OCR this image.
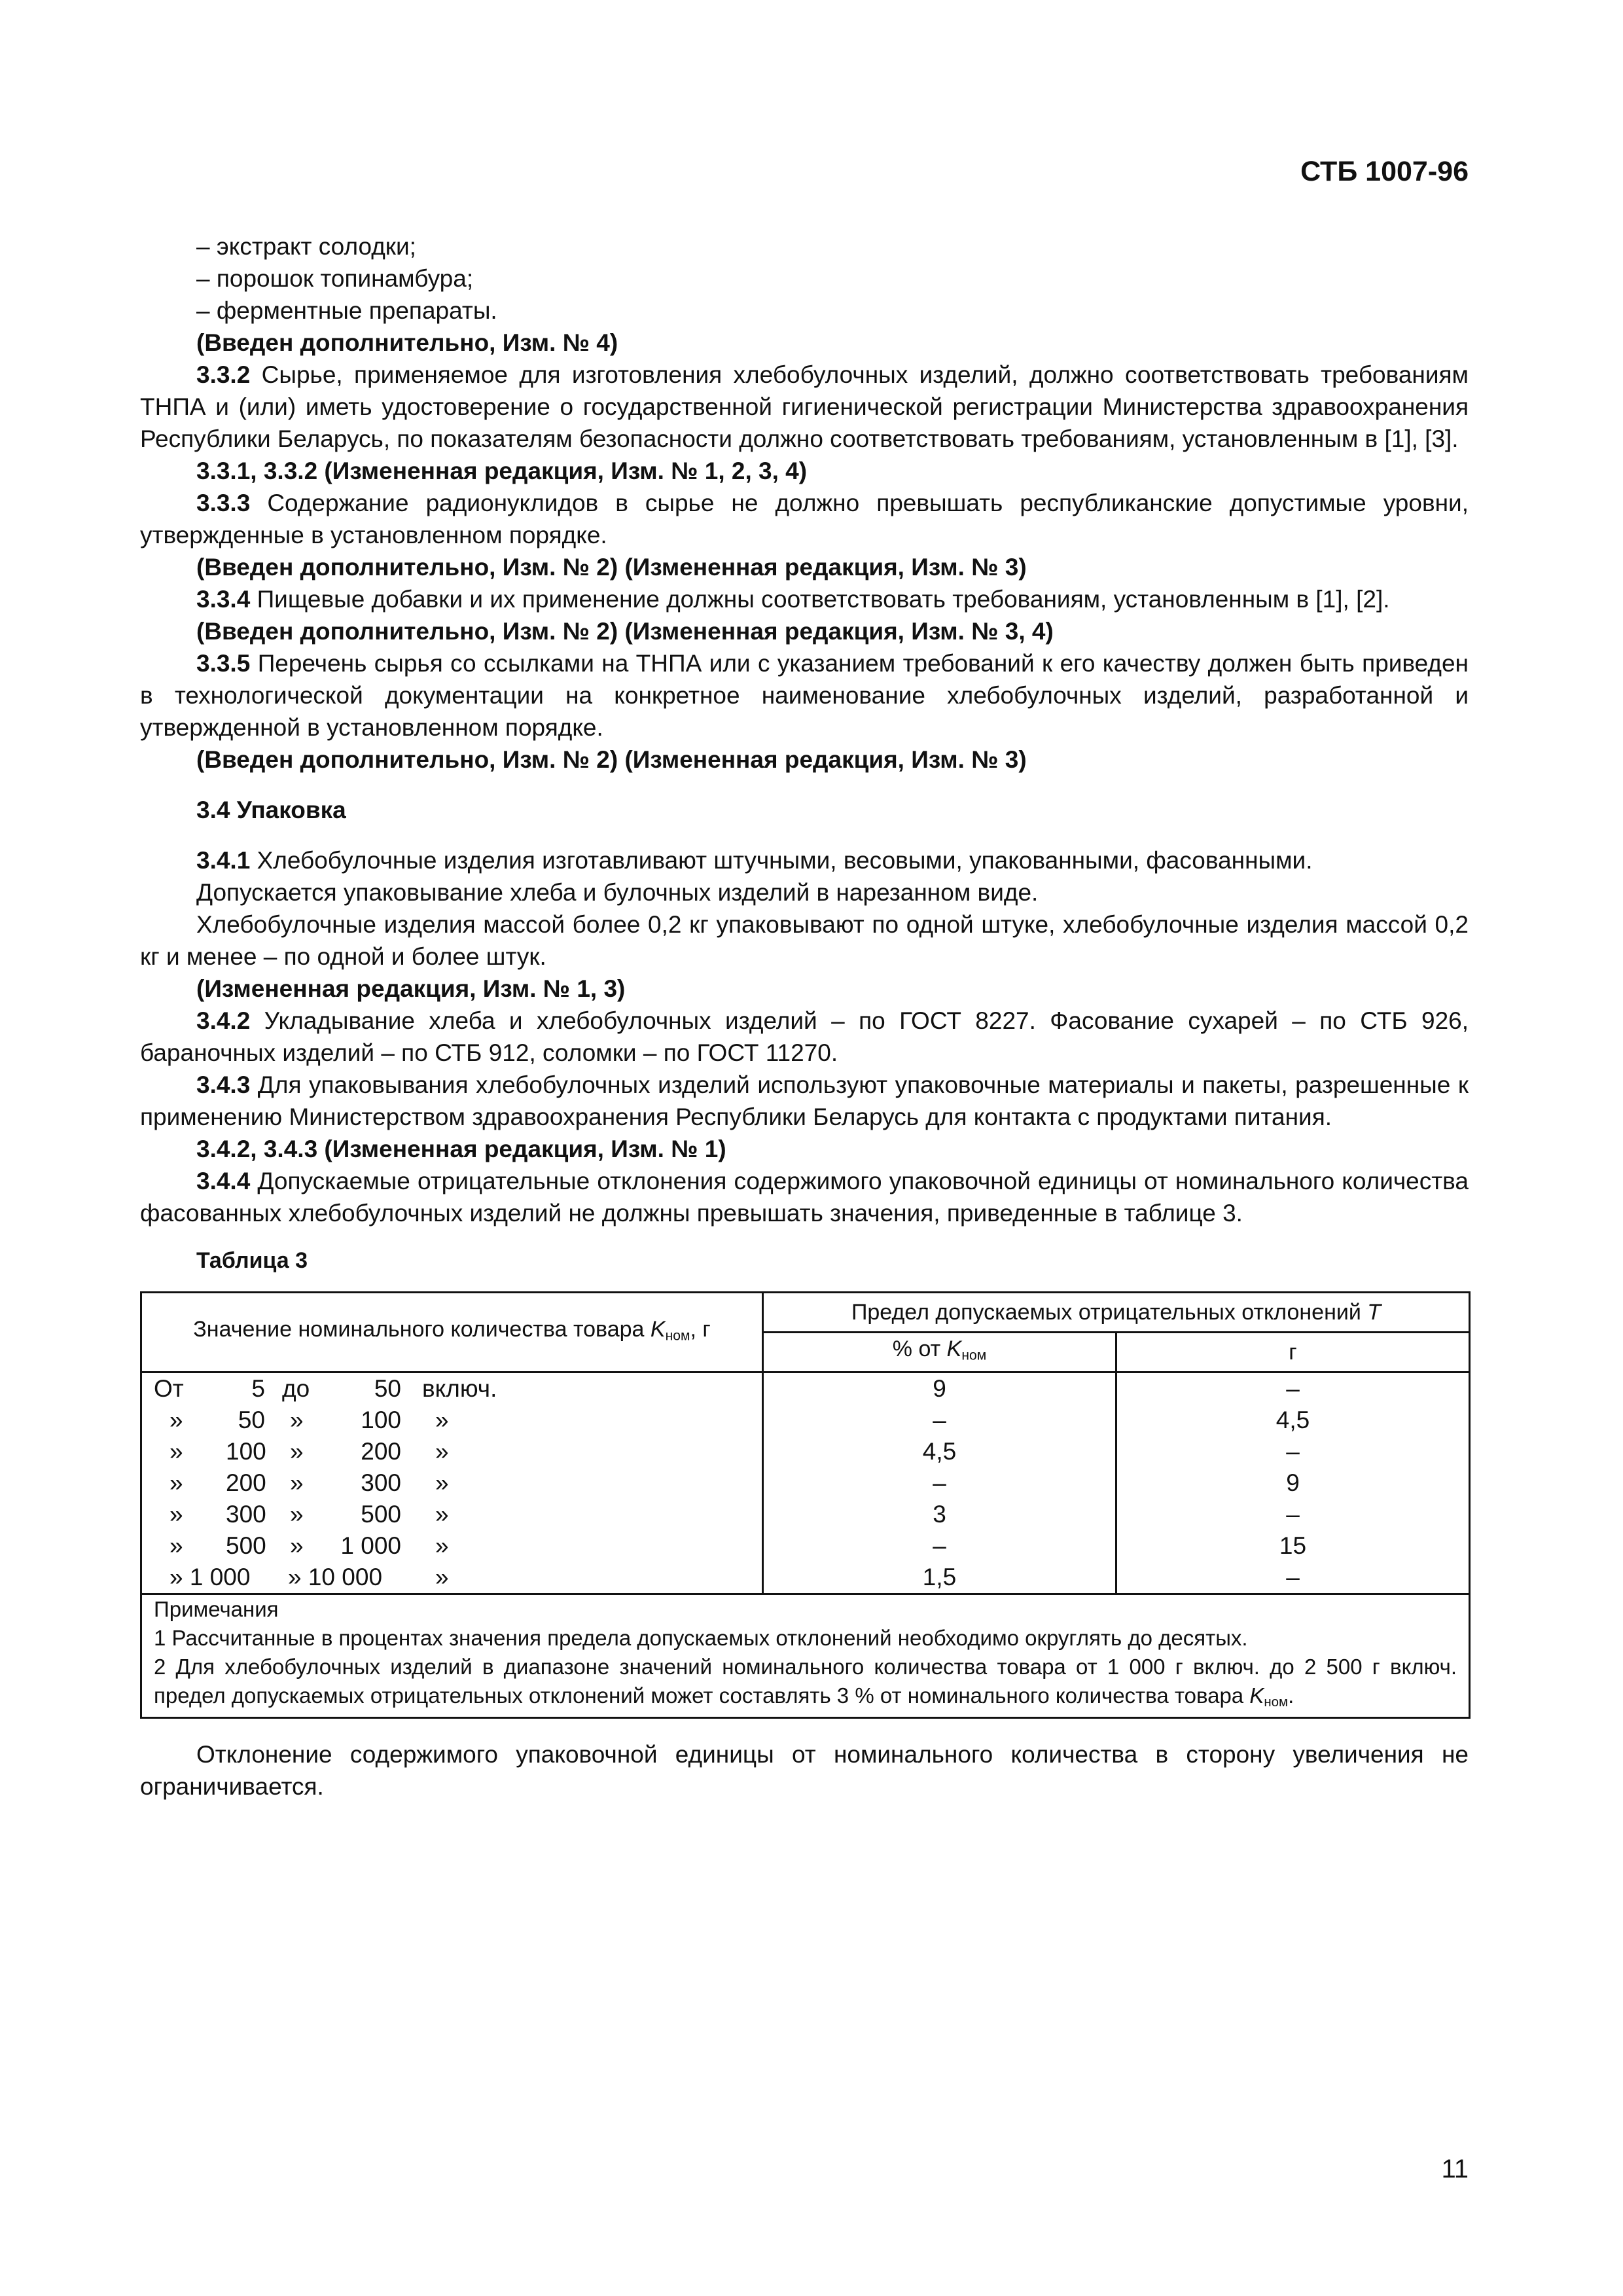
СТБ 1007-96

– экстракт солодки;

– порошок топинамбура;

– ферментные препараты.

(Введен дополнительно, Изм. № 4)

3.3.2 Сырье, применяемое для изготовления хлебобулочных изделий, должно соответствовать требованиям ТНПА и (или) иметь удостоверение о государственной гигиенической регистрации Министерства здравоохранения Республики Беларусь, по показателям безопасности должно соответствовать требованиям, установленным в [1], [3].

3.3.1, 3.3.2 (Измененная редакция, Изм. № 1, 2, 3, 4)

3.3.3 Содержание радионуклидов в сырье не должно превышать республиканские допустимые уровни, утвержденные в установленном порядке.

(Введен дополнительно, Изм. № 2) (Измененная редакция, Изм. № 3)

3.3.4 Пищевые добавки и их применение должны соответствовать требованиям, установленным в [1], [2].

(Введен дополнительно, Изм. № 2) (Измененная редакция, Изм. № 3, 4)

3.3.5 Перечень сырья со ссылками на ТНПА или с указанием требований к его качеству должен быть приведен в технологической документации на конкретное наименование хлебобулочных изделий, разработанной и утвержденной в установленном порядке.

(Введен дополнительно, Изм. № 2) (Измененная редакция, Изм. № 3)

3.4 Упаковка

3.4.1 Хлебобулочные изделия изготавливают штучными, весовыми, упакованными, фасованными.

Допускается упаковывание хлеба и булочных изделий в нарезанном виде.

Хлебобулочные изделия массой более 0,2 кг упаковывают по одной штуке, хлебобулочные изделия массой 0,2 кг и менее – по одной и более штук.

(Измененная редакция, Изм. № 1, 3)

3.4.2 Укладывание хлеба и хлебобулочных изделий – по ГОСТ 8227. Фасование сухарей – по СТБ 926, бараночных изделий – по СТБ 912, соломки – по ГОСТ 11270.

3.4.3 Для упаковывания хлебобулочных изделий используют упаковочные материалы и пакеты, разрешенные к применению Министерством здравоохранения Республики Беларусь для контакта с продуктами питания.

3.4.2, 3.4.3 (Измененная редакция, Изм. № 1)

3.4.4 Допускаемые отрицательные отклонения содержимого упаковочной единицы от номинального количества фасованных хлебобулочных изделий не должны превышать значения, приведенные в таблице 3.

Таблица 3

Значение номинального количества товара $K_{ном}$, г	Предел допускаемых отрицательных отклонений T	
	% от $K_{ном}$	г

От 5 до 50 включ.	9	–

» 50 » 100 »	–	4,5

» 100 » 200 »	4,5	–

» 200 » 300 »	–	9

» 300 » 500 »	3	–

» 500 » 1 000 »	–	15

» 1 000 » 10 000 »	1,5	–

Примечания

1 Рассчитанные в процентах значения предела допускаемых отклонений необходимо округлять до десятых.

2 Для хлебобулочных изделий в диапазоне значений номинального количества товара от 1 000 г включ. до 2 500 г включ. предел допускаемых отрицательных отклонений может составлять 3 % от номинального количества товара $K_{ном}$.		

Отклонение содержимого упаковочной единицы от номинального количества в сторону увеличения не ограничивается.

11
